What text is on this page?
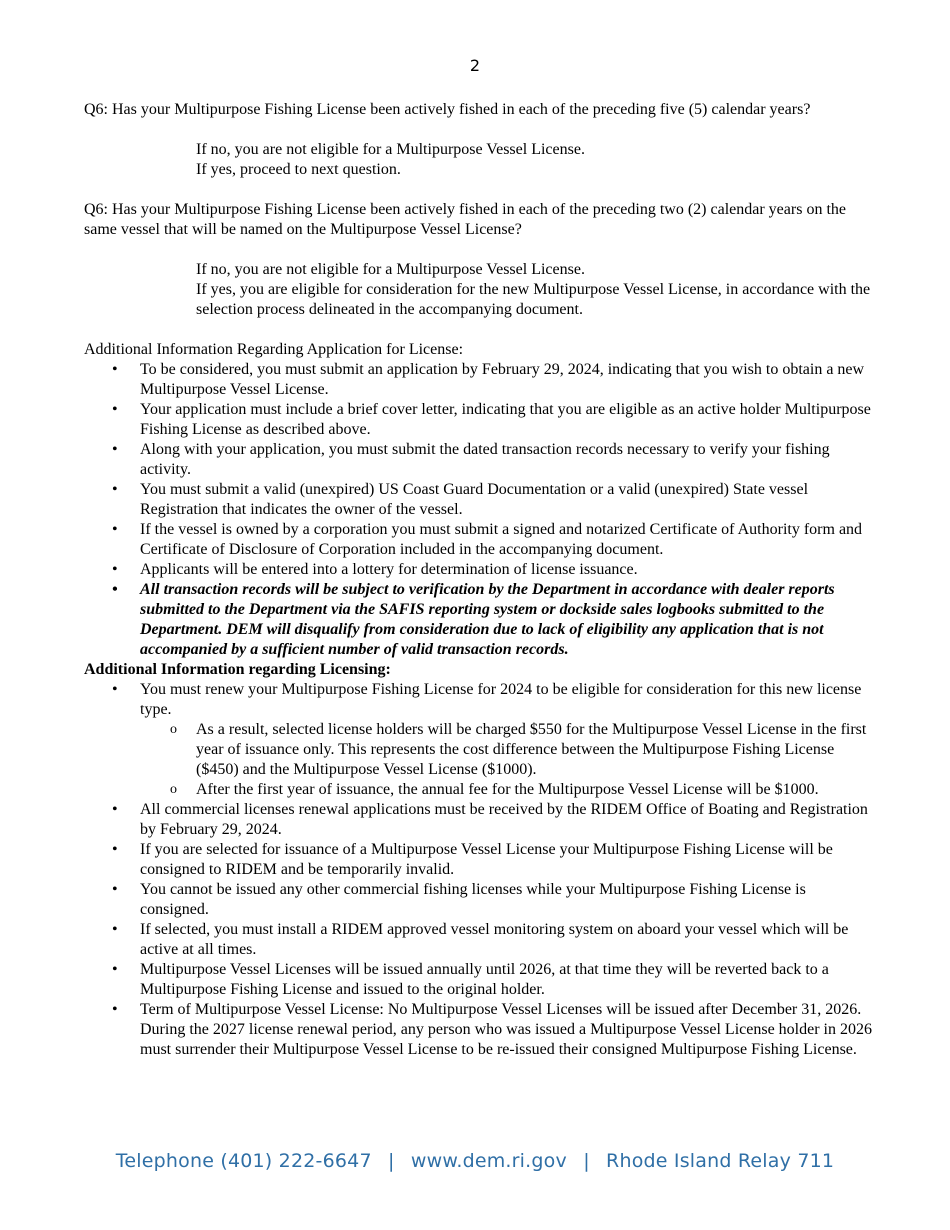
2

Q6: Has your Multipurpose Fishing License been actively fished in each of the preceding five (5) calendar years?

If no, you are not eligible for a Multipurpose Vessel License.

If yes, proceed to next question.

Q6: Has your Multipurpose Fishing License been actively fished in each of the preceding two (2) calendar years on the same vessel that will be named on the Multipurpose Vessel License?

If no, you are not eligible for a Multipurpose Vessel License.

If yes, you are eligible for consideration for the new Multipurpose Vessel License, in accordance with the selection process delineated in the accompanying document.

Additional Information Regarding Application for License:

• To be considered, you must submit an application by February 29, 2024, indicating that you wish to obtain a new Multipurpose Vessel License.
• Your application must include a brief cover letter, indicating that you are eligible as an active holder Multipurpose Fishing License as described above.
• Along with your application, you must submit the dated transaction records necessary to verify your fishing activity.
• You must submit a valid (unexpired) US Coast Guard Documentation or a valid (unexpired) State vessel Registration that indicates the owner of the vessel.
• If the vessel is owned by a corporation you must submit a signed and notarized Certificate of Authority form and Certificate of Disclosure of Corporation included in the accompanying document.
• Applicants will be entered into a lottery for determination of license issuance.
• All transaction records will be subject to verification by the Department in accordance with dealer reports submitted to the Department via the SAFIS reporting system or dockside sales logbooks submitted to the Department. DEM will disqualify from consideration due to lack of eligibility any application that is not accompanied by a sufficient number of valid transaction records.

Additional Information regarding Licensing:

• You must renew your Multipurpose Fishing License for 2024 to be eligible for consideration for this new license type.
o As a result, selected license holders will be charged $550 for the Multipurpose Vessel License in the first year of issuance only. This represents the cost difference between the Multipurpose Fishing License ($450) and the Multipurpose Vessel License ($1000).
o After the first year of issuance, the annual fee for the Multipurpose Vessel License will be $1000.
• All commercial licenses renewal applications must be received by the RIDEM Office of Boating and Registration by February 29, 2024.
• If you are selected for issuance of a Multipurpose Vessel License your Multipurpose Fishing License will be consigned to RIDEM and be temporarily invalid.
• You cannot be issued any other commercial fishing licenses while your Multipurpose Fishing License is consigned.
• If selected, you must install a RIDEM approved vessel monitoring system on aboard your vessel which will be active at all times.
• Multipurpose Vessel Licenses will be issued annually until 2026, at that time they will be reverted back to a Multipurpose Fishing License and issued to the original holder.
• Term of Multipurpose Vessel License: No Multipurpose Vessel Licenses will be issued after December 31, 2026. During the 2027 license renewal period, any person who was issued a Multipurpose Vessel License holder in 2026 must surrender their Multipurpose Vessel License to be re-issued their consigned Multipurpose Fishing License.
Telephone (401) 222-6647 | www.dem.ri.gov | Rhode Island Relay 711
